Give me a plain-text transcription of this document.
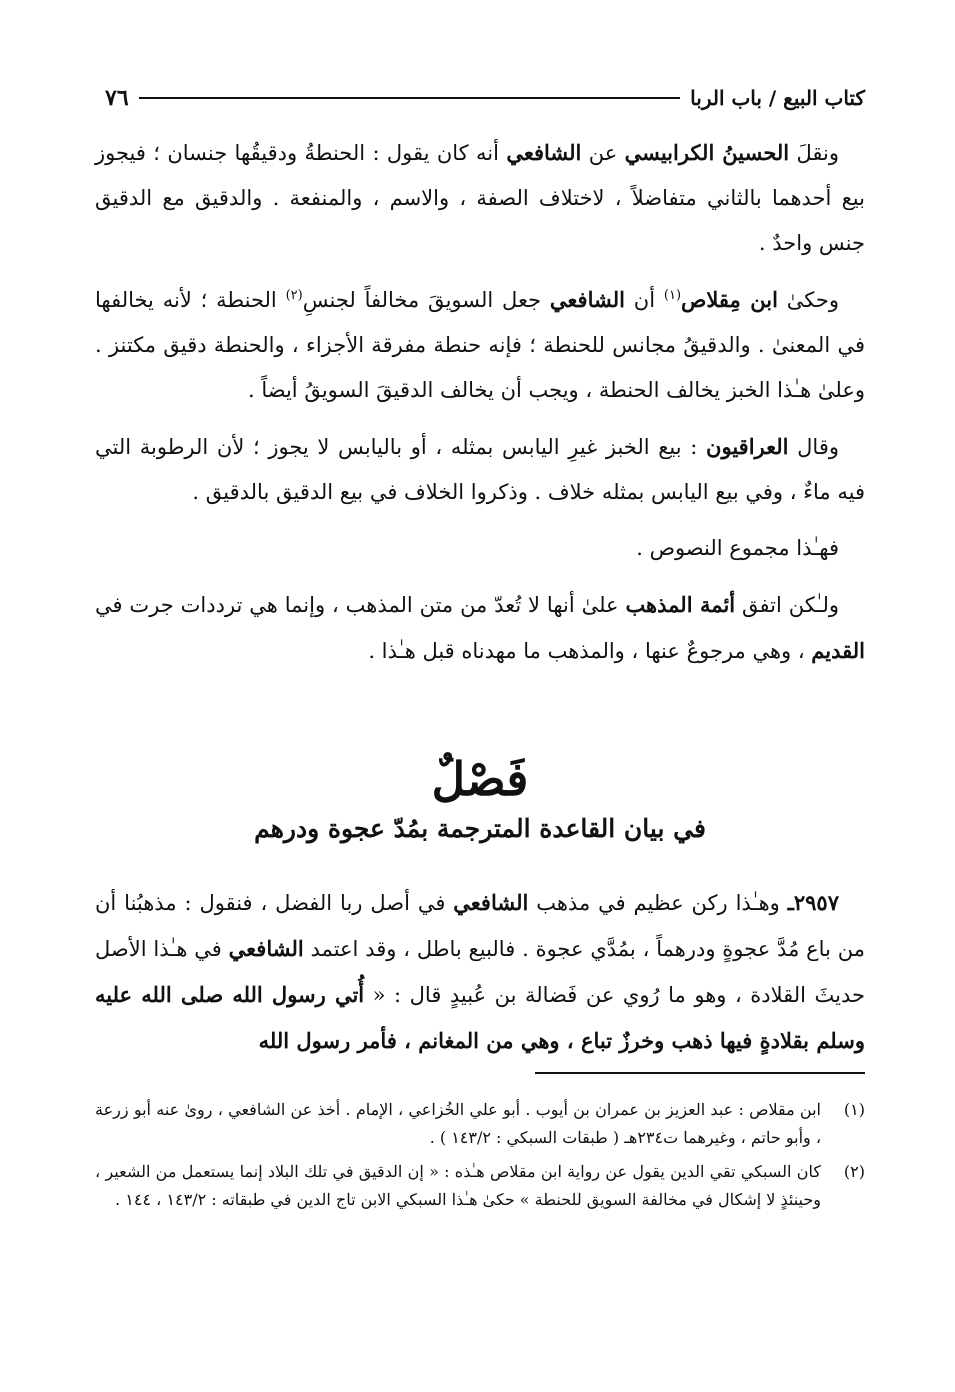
كتاب البيع / باب الربا
٧٦

ونقلَ الحسينُ الكرابيسي عن الشافعي أنه كان يقول : الحنطةُ ودقيقُها جنسان ؛ فيجوز بيع أحدهما بالثاني متفاضلاً ، لاختلاف الصفة ، والاسم ، والمنفعة . والدقيق مع الدقيق جنس واحدٌ .

وحكىٰ ابن مِقلاص$^{(١)}$ أن الشافعي جعل السويقَ مخالفاً لجنسِ$^{(٢)}$ الحنطة ؛ لأنه يخالفها في المعنىٰ . والدقيقُ مجانس للحنطة ؛ فإنه حنطة مفرقة الأجزاء ، والحنطة دقيق مكتنز . وعلىٰ هـٰذا الخبز يخالف الحنطة ، ويجب أن يخالف الدقيقَ السويقُ أيضاً .

وقال العراقيون : بيع الخبز غيرِ اليابس بمثله ، أو باليابس لا يجوز ؛ لأن الرطوبة التي فيه ماءٌ ، وفي بيع اليابس بمثله خلاف . وذكروا الخلاف في بيع الدقيق بالدقيق .

فهـٰذا مجموع النصوص .

ولـٰكن اتفق أئمة المذهب علىٰ أنها لا تُعدّ من متن المذهب ، وإنما هي ترددات جرت في القديم ، وهي مرجوعٌ عنها ، والمذهب ما مهدناه قبل هـٰذا .

فَصْلٌ
في بيان القاعدة المترجمة بمُدّ عجوة ودرهم

٢٩٥٧ـ وهـٰذا ركن عظيم في مذهب الشافعي في أصل ربا الفضل ، فنقول : مذهبُنا أن من باع مُدَّ عجوةٍ ودرهماً ، بمُدَّي عجوة . فالبيع باطل ، وقد اعتمد الشافعي في هـٰذا الأصل حديثَ القلادة ، وهو ما رُوي عن فَضالة بن عُبيدٍ قال : « أُتي رسول الله صلى الله عليه وسلم بقلادةٍ فيها ذهب وخرزٌ تباع ، وهي من المغانم ، فأمر رسول الله

(١)
ابن مقلاص : عبد العزيز بن عمران بن أيوب . أبو علي الخُزاعي ، الإمام . أخذ عن الشافعي ، روىٰ عنه أبو زرعة ، وأبو حاتم ، وغيرهما ت٢٣٤هـ ( طبقات السبكي : ١٤٣/٢ ) .
(٢)
كان السبكي تقي الدين يقول عن رواية ابن مقلاص هـٰذه : « إن الدقيق في تلك البلاد إنما يستعمل من الشعير ، وحينئذٍ لا إشكال في مخالفة السويق للحنطة » حكىٰ هـٰذا السبكي الابن تاج الدين في طبقاته : ١٤٣/٢ ، ١٤٤ .
